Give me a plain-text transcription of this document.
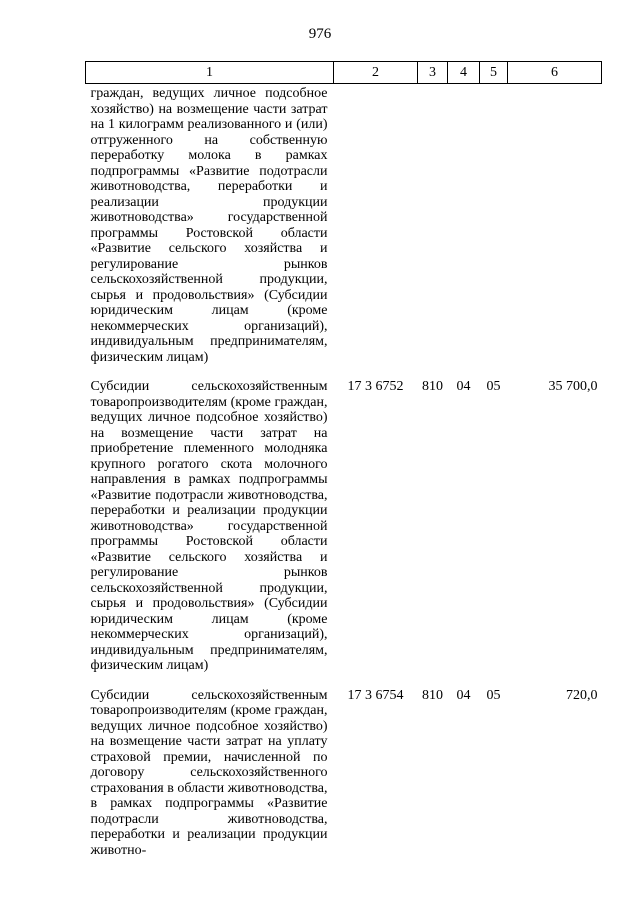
976
1	2	3	4	5	6
граждан, ведущих личное подсобное хозяйство) на возмещение части затрат на 1 килограмм реализованного и (или) отгруженного на собственную переработку молока в рамках подпрограммы «Развитие подотрасли животноводства, переработки и реализации продукции животноводства» государственной программы Ростовской области «Развитие сельского хозяйства и регулирование рынков сельскохозяйственной продукции, сырья и продовольствия» (Субсидии юридическим лицам (кроме некоммерческих организаций), индивидуальным предпринимателям, физическим лицам)					
Субсидии сельскохозяйственным товаропроизводителям (кроме граждан, ведущих личное подсобное хозяйство) на возмещение части затрат на приобретение племенного молодняка крупного рогатого скота молочного направления в рамках подпрограммы «Развитие подотрасли животноводства, переработки и реализации продукции животноводства» государственной программы Ростовской области «Развитие сельского хозяйства и регулирование рынков сельскохозяйственной продукции, сырья и продовольствия» (Субсидии юридическим лицам (кроме некоммерческих организаций), индивидуальным предпринимателям, физическим лицам)	17 3 6752	810	04	05	35 700,0
Субсидии сельскохозяйственным товаропроизводителям (кроме граждан, ведущих личное подсобное хозяйство) на возмещение части затрат на уплату страховой премии, начисленной по договору сельскохозяйственного страхования в области животноводства, в рамках подпрограммы «Развитие подотрасли животноводства, переработки и реализации продукции животно-	17 3 6754	810	04	05	720,0
